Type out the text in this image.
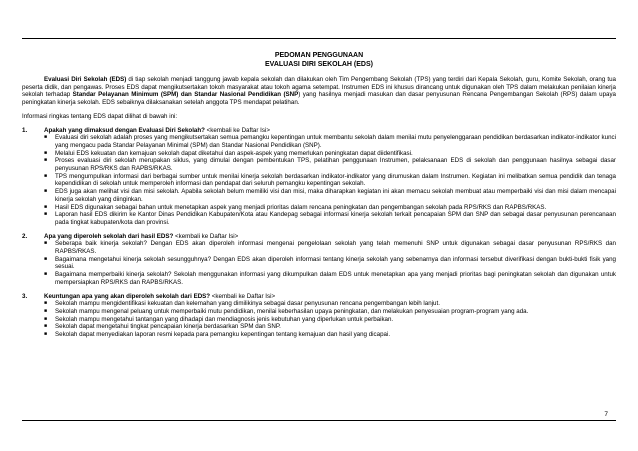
PEDOMAN PENGGUNAAN
EVALUASI DIRI SEKOLAH (EDS)

Evaluasi Diri Sekolah (EDS) di tiap sekolah menjadi tanggung jawab kepala sekolah dan dilakukan oleh Tim Pengembang Sekolah (TPS) yang terdiri dari Kepala Sekolah, guru, Komite Sekolah, orang tua peserta didik, dan pengawas. Proses EDS dapat mengikutsertakan tokoh masyarakat atau tokoh agama setempat. Instrumen EDS ini khusus dirancang untuk digunakan oleh TPS dalam melakukan penilaian kinerja sekolah terhadap Standar Pelayanan Minimum (SPM) dan Standar Nasional Pendidikan (SNP) yang hasilnya menjadi masukan dan dasar penyusunan Rencana Pengembangan Sekolah (RPS) dalam upaya peningkatan kinerja sekolah. EDS sebaiknya dilaksanakan setelah anggota TPS mendapat pelatihan.

Informasi ringkas tentang EDS dapat dilihat di bawah ini:

1.	Apakah yang dimaksud dengan Evaluasi Diri Sekolah? <kembali ke Daftar Isi>
■	Evaluasi diri sekolah adalah proses yang mengikutsertakan semua pemangku kepentingan untuk membantu sekolah dalam menilai mutu penyelenggaraan pendidikan berdasarkan indikator-indikator kunci yang mengacu pada Standar Pelayanan Minimal (SPM) dan Standar Nasional Pendidikan (SNP).
■	Melalui EDS kekuatan dan kemajuan sekolah dapat diketahui dan aspek-aspek yang memerlukan peningkatan dapat diidentifikasi.
■	Proses evaluasi diri sekolah merupakan siklus, yang dimulai dengan pembentukan TPS, pelatihan penggunaan Instrumen, pelaksanaan EDS di sekolah dan penggunaan hasilnya sebagai dasar penyusunan RPS/RKS dan RAPBS/RKAS.
■	TPS mengumpulkan informasi dari berbagai sumber untuk menilai kinerja sekolah berdasarkan indikator-indikator yang dirumuskan dalam Instrumen. Kegiatan ini melibatkan semua pendidik dan tenaga kependidikan di sekolah untuk memperoleh informasi dan pendapat dari seluruh pemangku kepentingan sekolah.
■	EDS juga akan melihat visi dan misi sekolah. Apabila sekolah belum memiliki visi dan misi, maka diharapkan kegiatan ini akan memacu sekolah membuat atau memperbaiki visi dan misi dalam mencapai kinerja sekolah yang diinginkan.
■	Hasil EDS digunakan sebagai bahan untuk menetapkan aspek yang menjadi prioritas dalam rencana peningkatan dan pengembangan sekolah pada RPS/RKS dan RAPBS/RKAS.
■	Laporan hasil EDS dikirim ke Kantor Dinas Pendidikan Kabupaten/Kota atau Kandepag sebagai informasi kinerja sekolah terkait pencapaian SPM dan SNP dan sebagai dasar penyusunan perencanaan pada tingkat kabupaten/kota dan provinsi.
2.	Apa yang diperoleh sekolah dari hasil EDS? <kembali ke Daftar Isi>
■	Seberapa baik kinerja sekolah? Dengan EDS akan diperoleh informasi mengenai pengelolaan sekolah yang telah memenuhi SNP untuk digunakan sebagai dasar penyusunan RPS/RKS dan RAPBS/RKAS.
■	Bagaimana mengetahui kinerja sekolah sesungguhnya? Dengan EDS akan diperoleh informasi tentang kinerja sekolah yang sebenarnya dan informasi tersebut diverifikasi dengan bukti-bukti fisik yang sesuai.
■	Bagaimana memperbaiki kinerja sekolah? Sekolah menggunakan informasi yang dikumpulkan dalam EDS untuk menetapkan apa yang menjadi prioritas bagi peningkatan sekolah dan digunakan untuk mempersiapkan RPS/RKS dan RAPBS/RKAS.
3.	Keuntungan apa yang akan diperoleh sekolah dari EDS? <kembali ke Daftar Isi>
■	Sekolah mampu mengidentifikasi kekuatan dan kelemahan yang dimilikinya sebagai dasar penyusunan rencana pengembangan lebih lanjut.
■	Sekolah mampu mengenal peluang untuk memperbaiki mutu pendidikan, menilai keberhasilan upaya peningkatan, dan melakukan penyesuaian program-program yang ada.
■	Sekolah mampu mengetahui tantangan yang dihadapi dan mendiagnosis jenis kebutuhan yang diperlukan untuk perbaikan.
■	Sekolah dapat mengetahui tingkat pencapaian kinerja berdasarkan SPM dan SNP.
■	Sekolah dapat menyediakan laporan resmi kepada para pemangku kepentingan tentang kemajuan dan hasil yang dicapai.
7
